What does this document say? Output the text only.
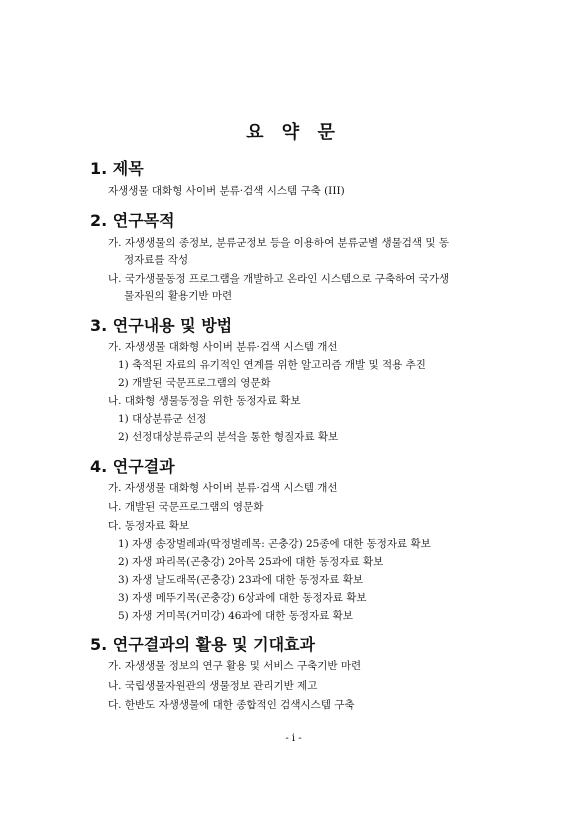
요 약 문
1. 제목
자생생물 대화형 사이버 분류·검색 시스템 구축 (III)
2. 연구목적
가. 자생생물의 종정보, 분류군정보 등을 이용하여 분류군별 생물검색 및 동
정자료를 작성
나. 국가생물동정 프로그램을 개발하고 온라인 시스템으로 구축하여 국가생
물자원의 활용기반 마련
3. 연구내용 및 방법
가. 자생생물 대화형 사이버 분류·검색 시스템 개선
1) 축적된 자료의 유기적인 연계를 위한 알고리즘 개발 및 적용 추진
2) 개발된 국문프로그램의 영문화
나. 대화형 생물동정을 위한 동정자료 확보
1) 대상분류군 선정
2) 선정대상분류군의 분석을 통한 형질자료 확보
4. 연구결과
가. 자생생물 대화형 사이버 분류·검색 시스템 개선
나. 개발된 국문프로그램의 영문화
다. 동정자료 확보
1) 자생 송장벌레과(딱정벌레목: 곤충강) 25종에 대한 동정자료 확보
2) 자생 파리목(곤충강) 2아목 25과에 대한 동정자료 확보
3) 자생 날도래목(곤충강) 23과에 대한 동정자료 확보
3) 자생 메뚜기목(곤충강) 6상과에 대한 동정자료 확보
5) 자생 거미목(거미강) 46과에 대한 동정자료 확보
5. 연구결과의 활용 및 기대효과
가. 자생생물 정보의 연구 활용 및 서비스 구축기반 마련
나. 국립생물자원관의 생물정보 관리기반 제고
다. 한반도 자생생물에 대한 종합적인 검색시스템 구축
- i -
